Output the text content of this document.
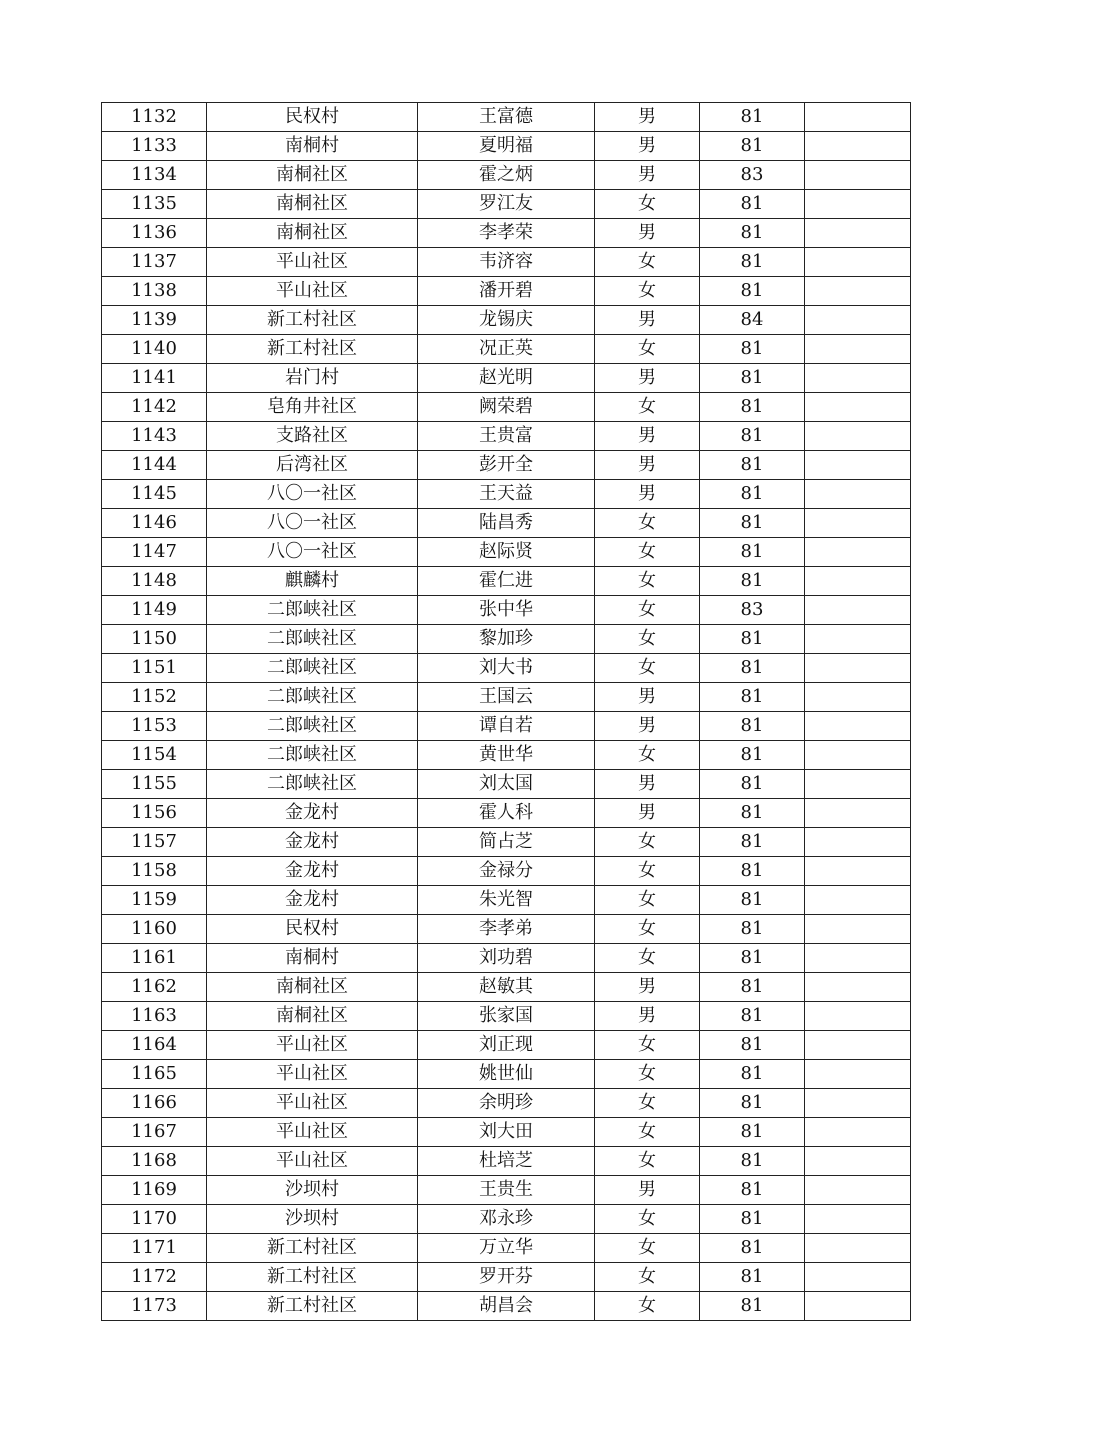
1132	民权村	王富德	男	81	
1133	南桐村	夏明福	男	81	
1134	南桐社区	霍之炳	男	83	
1135	南桐社区	罗江友	女	81	
1136	南桐社区	李孝荣	男	81	
1137	平山社区	韦济容	女	81	
1138	平山社区	潘开碧	女	81	
1139	新工村社区	龙锡庆	男	84	
1140	新工村社区	况正英	女	81	
1141	岩门村	赵光明	男	81	
1142	皂角井社区	阙荣碧	女	81	
1143	支路社区	王贵富	男	81	
1144	后湾社区	彭开全	男	81	
1145	八〇一社区	王天益	男	81	
1146	八〇一社区	陆昌秀	女	81	
1147	八〇一社区	赵际贤	女	81	
1148	麒麟村	霍仁进	女	81	
1149	二郎峡社区	张中华	女	83	
1150	二郎峡社区	黎加珍	女	81	
1151	二郎峡社区	刘大书	女	81	
1152	二郎峡社区	王国云	男	81	
1153	二郎峡社区	谭自若	男	81	
1154	二郎峡社区	黄世华	女	81	
1155	二郎峡社区	刘太国	男	81	
1156	金龙村	霍人科	男	81	
1157	金龙村	简占芝	女	81	
1158	金龙村	金禄分	女	81	
1159	金龙村	朱光智	女	81	
1160	民权村	李孝弟	女	81	
1161	南桐村	刘功碧	女	81	
1162	南桐社区	赵敏其	男	81	
1163	南桐社区	张家国	男	81	
1164	平山社区	刘正现	女	81	
1165	平山社区	姚世仙	女	81	
1166	平山社区	余明珍	女	81	
1167	平山社区	刘大田	女	81	
1168	平山社区	杜培芝	女	81	
1169	沙坝村	王贵生	男	81	
1170	沙坝村	邓永珍	女	81	
1171	新工村社区	万立华	女	81	
1172	新工村社区	罗开芬	女	81	
1173	新工村社区	胡昌会	女	81	
